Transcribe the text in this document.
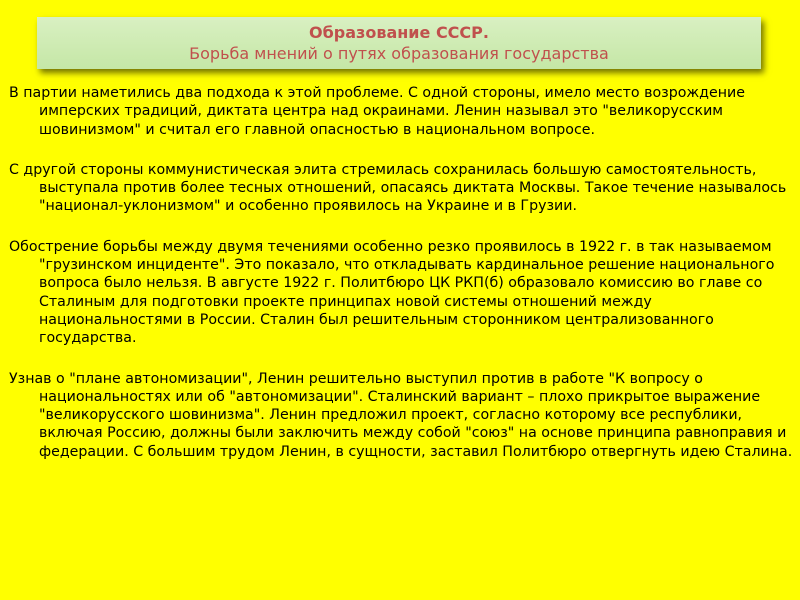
Образование СССР.
Борьба мнений о путях образования государства

В партии наметились два подхода к этой проблеме. С одной стороны, имело место возрождение имперских традиций, диктата центра над окраинами. Ленин называл это "великорусским шовинизмом" и считал его главной опасностью в национальном вопросе.

С другой стороны коммунистическая элита стремилась сохранилась большую самостоятельность, выступала против более тесных отношений, опасаясь диктата Москвы. Такое течение называлось "национал-уклонизмом" и особенно проявилось на Украине и в Грузии.

Обострение борьбы между двумя течениями особенно резко проявилось в 1922 г. в так называемом "грузинском инциденте". Это показало, что откладывать кардинальное решение национального вопроса было нельзя. В августе 1922 г. Политбюро ЦК РКП(б) образовало комиссию во главе со Сталиным для подготовки проекте принципах новой системы отношений между национальностями в России. Сталин был решительным сторонником централизованного государства.

Узнав о "плане автономизации", Ленин решительно выступил против в работе "К вопросу о национальностях или об "автономизации". Сталинский вариант – плохо прикрытое выражение "великорусского шовинизма". Ленин предложил проект, согласно которому все республики, включая Россию, должны были заключить между собой "союз" на основе принципа равноправия и федерации. С большим трудом Ленин, в сущности, заставил Политбюро отвергнуть идею Сталина.
